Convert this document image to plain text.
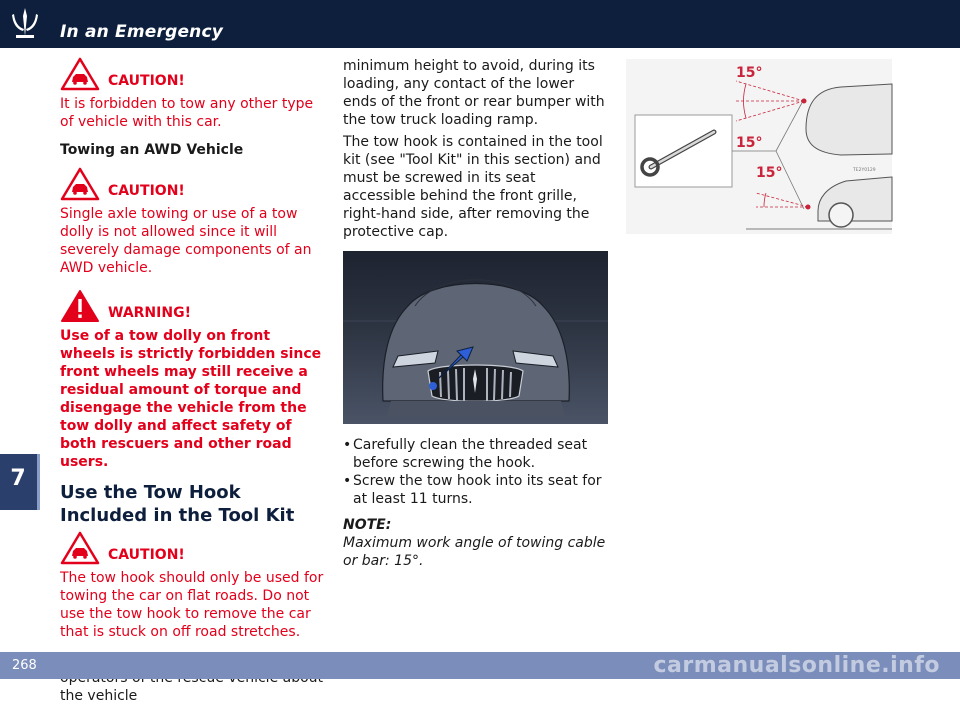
In an Emergency
7
CAUTION!
It is forbidden to tow any other type of vehicle with this car.
Towing an AWD Vehicle
CAUTION!
Single axle towing or use of a tow dolly is not allowed since it will severely damage components of an AWD vehicle.
WARNING!
Use of a tow dolly on front wheels is strictly forbidden since front wheels may still receive a residual amount of torque and disengage the vehicle from the tow dolly and affect safety of both rescuers and other road users.
Use the Tow Hook Included in the Tool Kit
CAUTION!
The tow hook should only be used for towing the car on flat roads. Do not use the tow hook to remove the car that is stuck on off road stretches.
the vehicle
minimum height to avoid, during its loading, any contact of the lower ends of the front or rear bumper with the tow truck loading ramp.
The tow hook is contained in the tool kit (see "Tool Kit" in this section) and must be screwed in its seat accessible behind the front grille, right-hand side, after removing the protective cap.
• Carefully clean the threaded seat before screwing the hook.
• Screw the tow hook into its seat for at least 11 turns.
NOTE:
Maximum work angle of towing cable or bar: 15°.
15°
15°
15°	TE2Y0129
268	carmanualsonline.info
